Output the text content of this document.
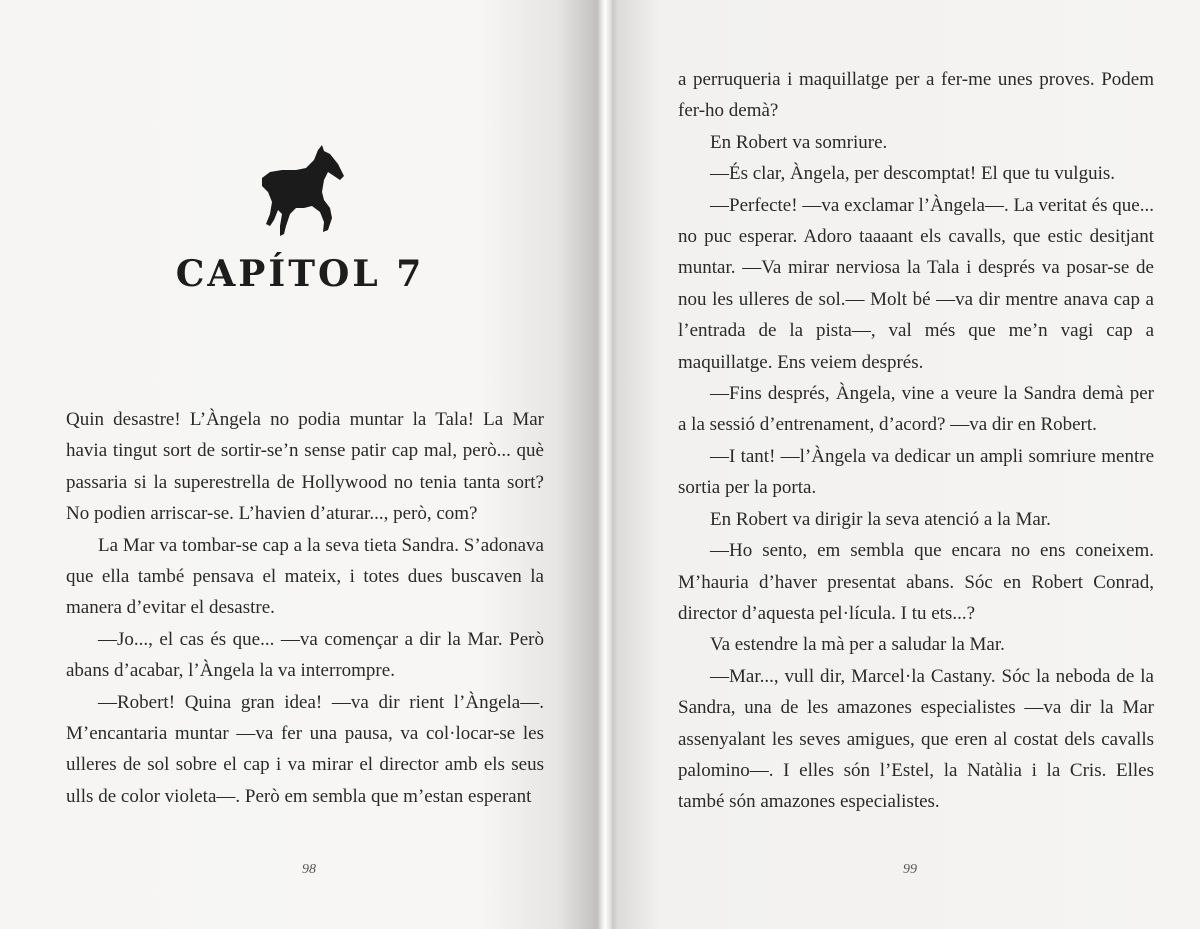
CAPÍTOL 7

Quin desastre! L’Àngela no podia muntar la Tala! La Mar havia tingut sort de sortir-se’n sense patir cap mal, però... què passaria si la superestrella de Hollywood no tenia tanta sort? No podien arriscar-se. L’havien d’aturar..., però, com?

La Mar va tombar-se cap a la seva tieta Sandra. S’adonava que ella també pensava el mateix, i totes dues buscaven la manera d’evitar el desastre.

—Jo..., el cas és que... —va començar a dir la Mar. Però abans d’acabar, l’Àngela la va interrompre.

—Robert! Quina gran idea! —va dir rient l’Àngela—. M’encantaria muntar —va fer una pausa, va col·locar-se les ulleres de sol sobre el cap i va mirar el director amb els seus ulls de color violeta—. Però em sembla que m’estan esperant

98

a perruqueria i maquillatge per a fer-me unes proves. Podem fer-ho demà?

En Robert va somriure.

—És clar, Àngela, per descomptat! El que tu vulguis.

—Perfecte! —va exclamar l’Àngela—. La veritat és que... no puc esperar. Adoro taaaant els cavalls, que estic desitjant muntar. —Va mirar nerviosa la Tala i després va posar-se de nou les ulleres de sol.— Molt bé —va dir mentre anava cap a l’entrada de la pista—, val més que me’n vagi cap a maquillatge. Ens veiem després.

—Fins després, Àngela, vine a veure la Sandra demà per a la sessió d’entrenament, d’acord? —va dir en Robert.

—I tant! —l’Àngela va dedicar un ampli somriure mentre sortia per la porta.

En Robert va dirigir la seva atenció a la Mar.

—Ho sento, em sembla que encara no ens coneixem. M’hauria d’haver presentat abans. Sóc en Robert Conrad, director d’aquesta pel·lícula. I tu ets...?

Va estendre la mà per a saludar la Mar.

—Mar..., vull dir, Marcel·la Castany. Sóc la neboda de la Sandra, una de les amazones especialistes —va dir la Mar assenyalant les seves amigues, que eren al costat dels cavalls palomino—. I elles són l’Estel, la Natàlia i la Cris. Elles també són amazones especialistes.

99
